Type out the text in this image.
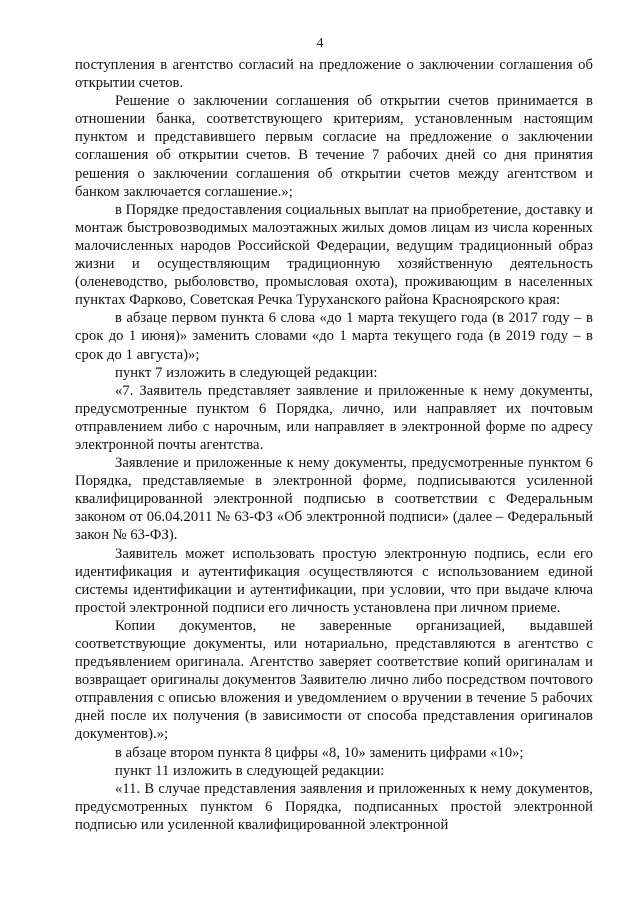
4

поступления в агентство согласий на предложение о заключении соглашения об открытии счетов.

Решение о заключении соглашения об открытии счетов принимается в отношении банка, соответствующего критериям, установленным настоящим пунктом и представившего первым согласие на предложение о заключении соглашения об открытии счетов. В течение 7 рабочих дней со дня принятия решения о заключении соглашения об открытии счетов между агентством и банком заключается соглашение.»;

в Порядке предоставления социальных выплат на приобретение, доставку и монтаж быстровозводимых малоэтажных жилых домов лицам из числа коренных малочисленных народов Российской Федерации, ведущим традиционный образ жизни и осуществляющим традиционную хозяйственную деятельность (оленеводство, рыболовство, промысловая охота), проживающим в населенных пунктах Фарково, Советская Речка Туруханского района Красноярского края:

в абзаце первом пункта 6 слова «до 1 марта текущего года (в 2017 году – в срок до 1 июня)» заменить словами «до 1 марта текущего года (в 2019 году – в срок до 1 августа)»;

пункт 7 изложить в следующей редакции:

«7. Заявитель представляет заявление и приложенные к нему документы, предусмотренные пунктом 6 Порядка, лично, или направляет их почтовым отправлением либо с нарочным, или направляет в электронной форме по адресу электронной почты агентства.

Заявление и приложенные к нему документы, предусмотренные пунктом 6 Порядка, представляемые в электронной форме, подписываются усиленной квалифицированной электронной подписью в соответствии с Федеральным законом от 06.04.2011 № 63-ФЗ «Об электронной подписи» (далее – Федеральный закон № 63-ФЗ).

Заявитель может использовать простую электронную подпись, если его идентификация и аутентификация осуществляются с использованием единой системы идентификации и аутентификации, при условии, что при выдаче ключа простой электронной подписи его личность установлена при личном приеме.

Копии документов, не заверенные организацией, выдавшей соответствующие документы, или нотариально, представляются в агентство с предъявлением оригинала. Агентство заверяет соответствие копий оригиналам и возвращает оригиналы документов Заявителю лично либо посредством почтового отправления с описью вложения и уведомлением о вручении в течение 5 рабочих дней после их получения (в зависимости от способа представления оригиналов документов).»;

в абзаце втором пункта 8 цифры «8, 10» заменить цифрами «10»;

пункт 11 изложить в следующей редакции:

«11. В случае представления заявления и приложенных к нему документов, предусмотренных пунктом 6 Порядка, подписанных простой электронной подписью или усиленной квалифицированной электронной
